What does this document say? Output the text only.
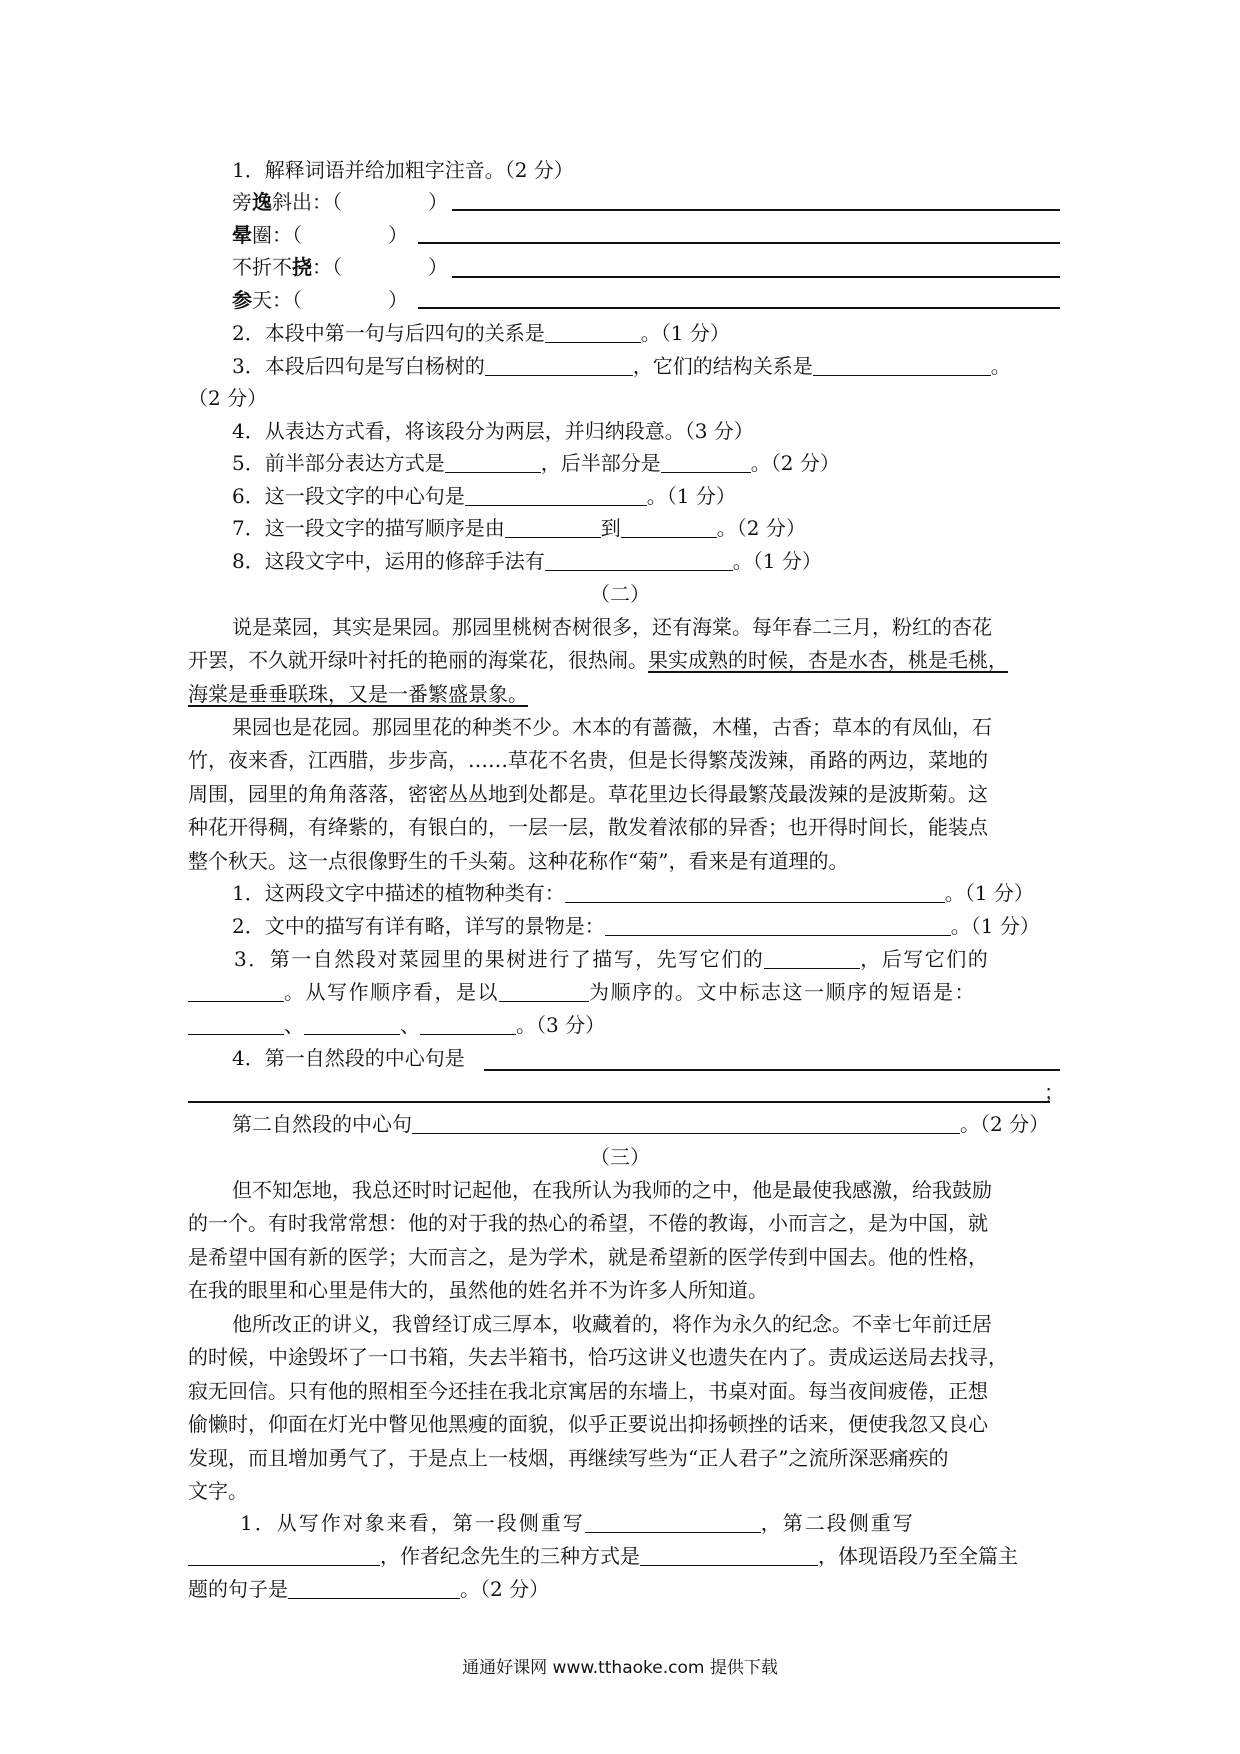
1．解释词语并给加粗字注音。（2 分）
旁逸斜出：（	）
晕圈：（	）
不折不挠：（	）
参天：（	）
2．本段中第一句与后四句的关系是	。（1 分）
3．本段后四句是写白杨树的	，它们的结构关系是	。
（2 分）
4．从表达方式看，将该段分为两层，并归纳段意。（3 分）
5．前半部分表达方式是	，后半部分是	。（2 分）
6．这一段文字的中心句是	。（1 分）
7．这一段文字的描写顺序是由	到	。（2 分）
8．这段文字中，运用的修辞手法有	。（1 分）
（二）
说是菜园，其实是果园。那园里桃树杏树很多，还有海棠。每年春二三月，粉红的杏花
开罢，不久就开绿叶衬托的艳丽的海棠花，很热闹。果实成熟的时候，杏是水杏，桃是毛桃，
海棠是垂垂联珠，又是一番繁盛景象。
果园也是花园。那园里花的种类不少。木本的有蔷薇，木槿，古香；草本的有凤仙，石
竹，夜来香，江西腊，步步高，……草花不名贵，但是长得繁茂泼辣，甬路的两边，菜地的
周围，园里的角角落落，密密丛丛地到处都是。草花里边长得最繁茂最泼辣的是波斯菊。这
种花开得稠，有绛紫的，有银白的，一层一层，散发着浓郁的异香；也开得时间长，能装点
整个秋天。这一点很像野生的千头菊。这种花称作“菊”，看来是有道理的。
1．这两段文字中描述的植物种类有：	。（1 分）
2．文中的描写有详有略，详写的景物是：	。（1 分）
3．第一自然段对菜园里的果树进行了描写，先写它们的	，后写它们的
。从写作顺序看，是以	为顺序的。文中标志这一顺序的短语是：
、	、	。（3 分）
4．第一自然段的中心句是
；
第二自然段的中心句	。（2 分）
（三）
但不知怎地，我总还时时记起他，在我所认为我师的之中，他是最使我感激，给我鼓励
的一个。有时我常常想：他的对于我的热心的希望，不倦的教诲，小而言之，是为中国，就
是希望中国有新的医学；大而言之，是为学术，就是希望新的医学传到中国去。他的性格，
在我的眼里和心里是伟大的，虽然他的姓名并不为许多人所知道。
他所改正的讲义，我曾经订成三厚本，收藏着的，将作为永久的纪念。不幸七年前迁居
的时候，中途毁坏了一口书箱，失去半箱书，恰巧这讲义也遗失在内了。责成运送局去找寻，
寂无回信。只有他的照相至今还挂在我北京寓居的东墙上，书桌对面。每当夜间疲倦，正想
偷懒时，仰面在灯光中瞥见他黑瘦的面貌，似乎正要说出抑扬顿挫的话来，便使我忽又良心
发现，而且增加勇气了，于是点上一枝烟，再继续写些为“正人君子”之流所深恶痛疾的
文字。
1．从写作对象来看，第一段侧重写	，第二段侧重写
，作者纪念先生的三种方式是	，体现语段乃至全篇主
题的句子是	。（2 分）
通通好课网 www.tthaoke.com 提供下载
